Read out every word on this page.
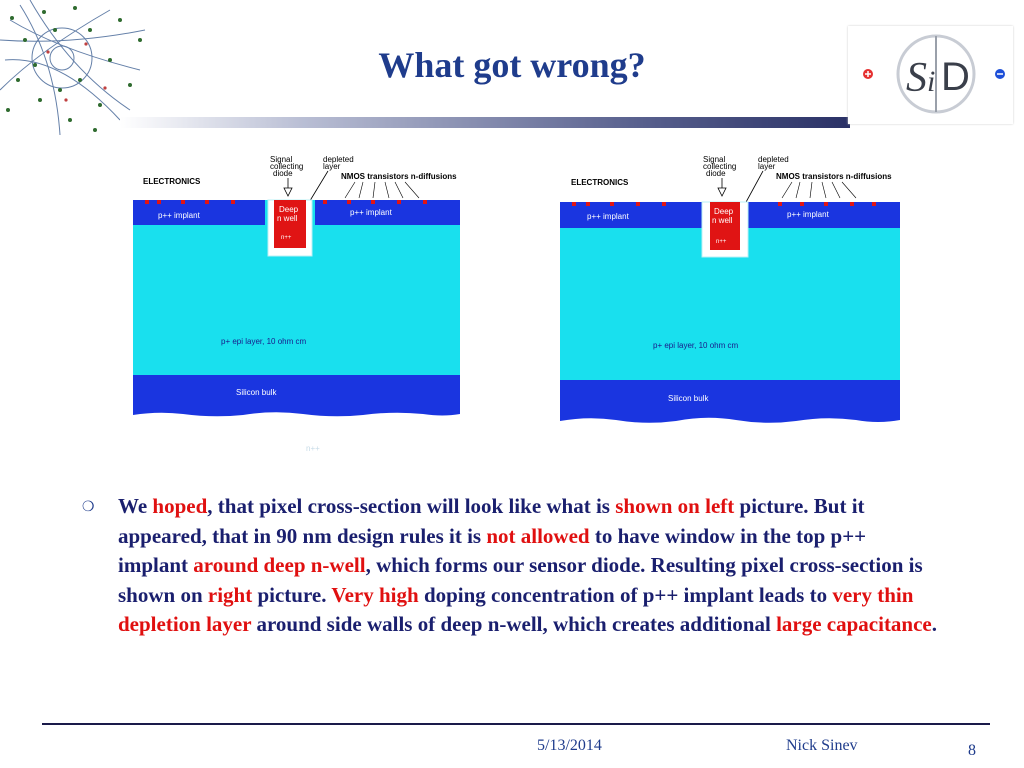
What got wrong?	Si D
ELECTRONICS
Signal collecting diode
depleted layer
NMOS transistors n-diffusions
Deep n well
n++
p++ implant	p++ implant
p+ epi layer, 10 ohm cm
Silicon bulk
ELECTRONICS
Signal collecting diode
depleted layer
NMOS transistors n-diffusions
Deep n well
n++
p++ implant	p++ implant
p+ epi layer, 10 ohm cm
Silicon bulk
n++
❍ We hoped, that pixel cross-section will look like what is shown on left picture. But it appeared, that in 90 nm design rules it is not allowed to have window in the top p++ implant around deep n-well, which forms our sensor diode. Resulting pixel cross-section is shown on right picture. Very high doping concentration of p++ implant leads to very thin depletion layer around side walls of deep n-well, which creates additional large capacitance.
5/13/2014	Nick Sinev	8
